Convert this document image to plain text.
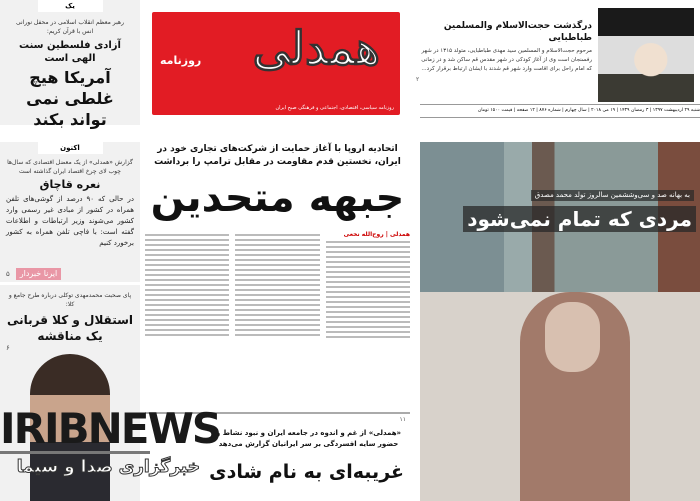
یک
رهبر معظم انقلاب اسلامی در محفل نورانی انس با قرآن کریم:
آزادی فلسطین سنت الهی است
آمریکا هیچ غلطی نمی تواند بکند
اکنون
گزارش «همدلی» از یک معضل اقتصادی که سال‌ها چوب لای چرخ اقتصاد ایران گذاشته است
نعره قاچاق
در حالی که ۹۰ درصد از گوشی‌های تلفن همراه در کشور از مبادی غیر رسمی وارد کشور می‌شوند وزیر ارتباطات و اطلاعات گفته است: با فاچی تلفن همراه به کشور برخورد کنیم
۵	ایرنا خبردار
پای صحبت محمدمهدی توکلی درباره طرح جامع و کلا:
استقلال و کلا قربانی یک مناقشه
۶
روزنامه همدلی
روزنامه سیاسی، اقتصادی، اجتماعی و فرهنگی صبح ایران
درگذشت حجت‌الاسلام والمسلمین طباطبایی
مرحوم حجت‌الاسلام و المسلمین سید مهدی طباطبایی، متولد ۱۳۱۵ در شهر رفسنجان است وی از آغاز کودکی در شهر مقدس قم ساکن شد و در زمانی که امام راحل برای اقامت وارد شهر قم شدند با ایشان ارتباط برقرار کرد...
۲
شنبه ۲۹ اردیبهشت ۱۳۹۷ | ۳ رمضان ۱۴۳۹ | ۱۹ می ۲۰۱۸ | سال چهارم | شماره ۸۷۶ | ۱۲ صفحه | قیمت ۱۵۰۰ تومان
اتحادیه اروپا با آغاز حمایت از شرکت‌های تجاری خود در ایران، نخستین قدم مقاومت در مقابل ترامپ را برداشت
جبهه متحدین
همدلی | روح‌الله نخعی
۱۱
«همدلی» از غم و اندوه در جامعه ایران و نبود نشاط و حضور سایه افسردگی بر سر ایرانیان گزارش می‌دهد
غریبه‌ای به نام شادی
به بهانه صد و سی‌وششمین سالروز تولد محمد مصدق
مردی که تمام نمی‌شود
IRIBNEWS
خبرگزاری صدا و سیما
